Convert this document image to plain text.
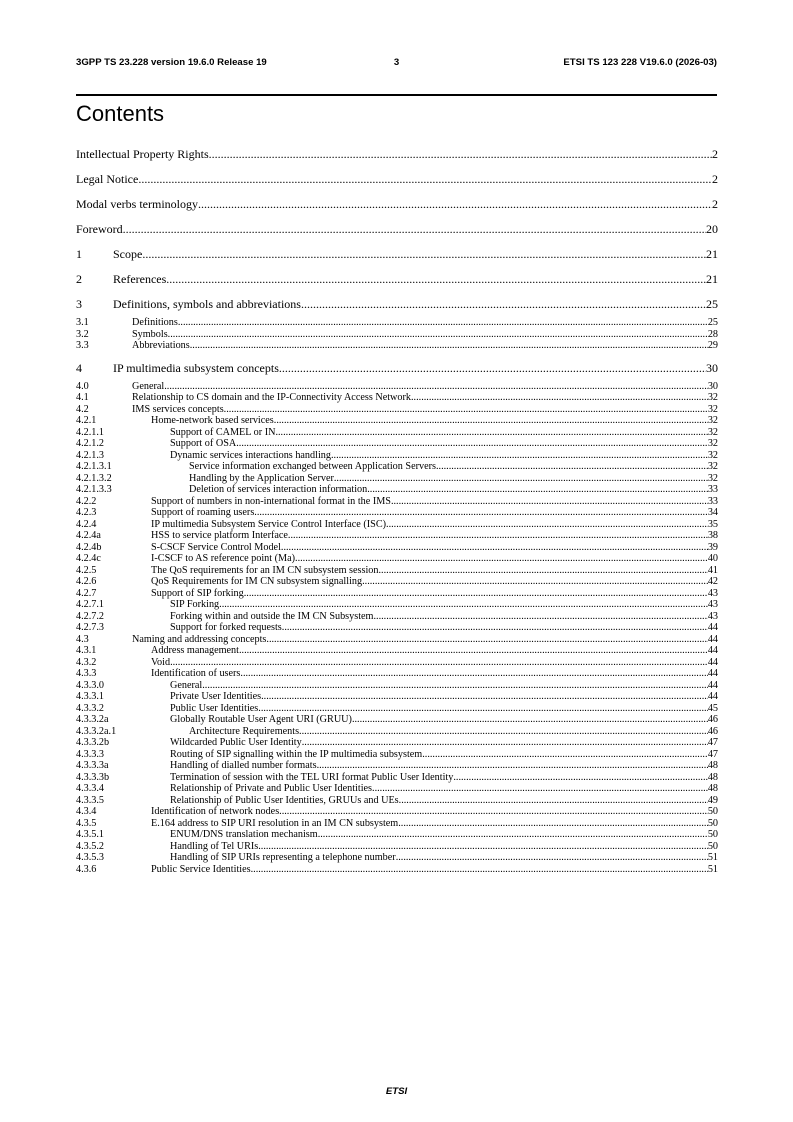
3GPP TS 23.228 version 19.6.0 Release 19	3	ETSI TS 123 228 V19.6.0 (2026-03)
Contents
Intellectual Property Rights .....	2
Legal Notice .....	2
Modal verbs terminology .....	2
Foreword .....	20
1	Scope .....	21
2	References .....	21
3	Definitions, symbols and abbreviations .....	25
3.1	Definitions .....	25
3.2	Symbols .....	28
3.3	Abbreviations .....	29
4	IP multimedia subsystem concepts .....	30
4.0	General .....	30
4.1	Relationship to CS domain and the IP-Connectivity Access Network .....	32
4.2	IMS services concepts .....	32
4.2.1	Home-network based services .....	32
4.2.1.1	Support of CAMEL or IN .....	32
4.2.1.2	Support of OSA .....	32
4.2.1.3	Dynamic services interactions handling .....	32
4.2.1.3.1	Service information exchanged between Application Servers .....	32
4.2.1.3.2	Handling by the Application Server .....	32
4.2.1.3.3	Deletion of services interaction information .....	33
4.2.2	Support of numbers in non-international format in the IMS .....	33
4.2.3	Support of roaming users .....	34
4.2.4	IP multimedia Subsystem Service Control Interface (ISC) .....	35
4.2.4a	HSS to service platform Interface .....	38
4.2.4b	S-CSCF Service Control Model .....	39
4.2.4c	I-CSCF to AS reference point (Ma) .....	40
4.2.5	The QoS requirements for an IM CN subsystem session .....	41
4.2.6	QoS Requirements for IM CN subsystem signalling .....	42
4.2.7	Support of SIP forking .....	43
4.2.7.1	SIP Forking .....	43
4.2.7.2	Forking within and outside the IM CN Subsystem .....	43
4.2.7.3	Support for forked requests .....	44
4.3	Naming and addressing concepts .....	44
4.3.1	Address management .....	44
4.3.2	Void .....	44
4.3.3	Identification of users .....	44
4.3.3.0	General .....	44
4.3.3.1	Private User Identities .....	44
4.3.3.2	Public User Identities .....	45
4.3.3.2a	Globally Routable User Agent URI (GRUU) .....	46
4.3.3.2a.1	Architecture Requirements .....	46
4.3.3.2b	Wildcarded Public User Identity .....	47
4.3.3.3	Routing of SIP signalling within the IP multimedia subsystem .....	47
4.3.3.3a	Handling of dialled number formats .....	48
4.3.3.3b	Termination of session with the TEL URI format Public User Identity .....	48
4.3.3.4	Relationship of Private and Public User Identities .....	48
4.3.3.5	Relationship of Public User Identities, GRUUs and UEs .....	49
4.3.4	Identification of network nodes .....	50
4.3.5	E.164 address to SIP URI resolution in an IM CN subsystem .....	50
4.3.5.1	ENUM/DNS translation mechanism .....	50
4.3.5.2	Handling of Tel URIs .....	50
4.3.5.3	Handling of SIP URIs representing a telephone number .....	51
4.3.6	Public Service Identities .....	51
ETSI
